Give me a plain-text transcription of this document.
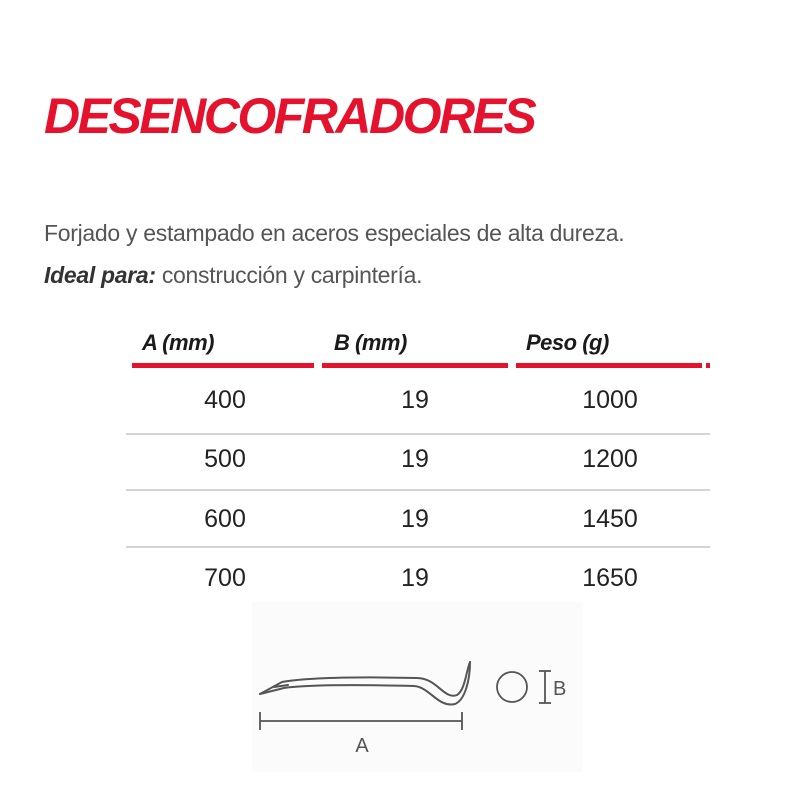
DESENCOFRADORES
Forjado y estampado en aceros especiales de alta dureza.
Ideal para: construcción y carpintería.
A (mm)	B (mm)	Peso (g)
400	19	1000
500	19	1200
600	19	1450
700	19	1650
A
B
